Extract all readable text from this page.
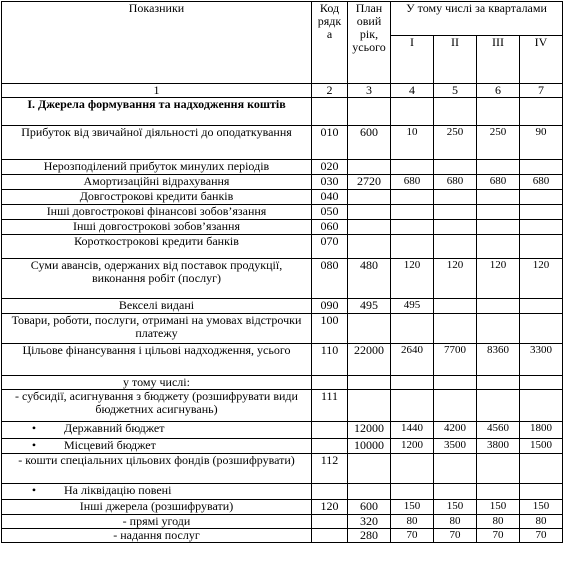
Показники	Код рядк а	План овий рік, усього	У тому числі за кварталами			
			I	II	III	IV
1	2	3	4	5	6	7
І. Джерела формування та надходження коштів						
Прибуток від звичайної діяльності до оподаткування	010	600	10	250	250	90
Нерозподілений прибуток минулих періодів	020					
Амортизаційні відрахування	030	2720	680	680	680	680
Довгострокові кредити банків	040					
Інші довгострокові фінансові зобов’язання	050					
Інші довгострокові зобов’язання	060					
Короткострокові кредити банків	070					
Суми авансів, одержаних від поставок продукції, виконання робіт (послуг)	080	480	120	120	120	120
Векселі видані	090	495	495			
Товари, роботи, послуги, отримані на умовах відстрочки платежу	100					
Цільове фінансування і цільові надходження, усього	110	22000	2640	7700	8360	3300
у тому числі:						
- субсидії, асигнування з бюджету (розшифрувати види бюджетних асигнувань)	111					
• Державний бюджет		12000	1440	4200	4560	1800
• Місцевий бюджет		10000	1200	3500	3800	1500
- кошти спеціальних цільових фондів (розшифрувати)	112					
• На ліквідацію повені						
Інші джерела (розшифрувати)	120	600	150	150	150	150
- прямі угоди		320	80	80	80	80
- надання послуг		280	70	70	70	70
